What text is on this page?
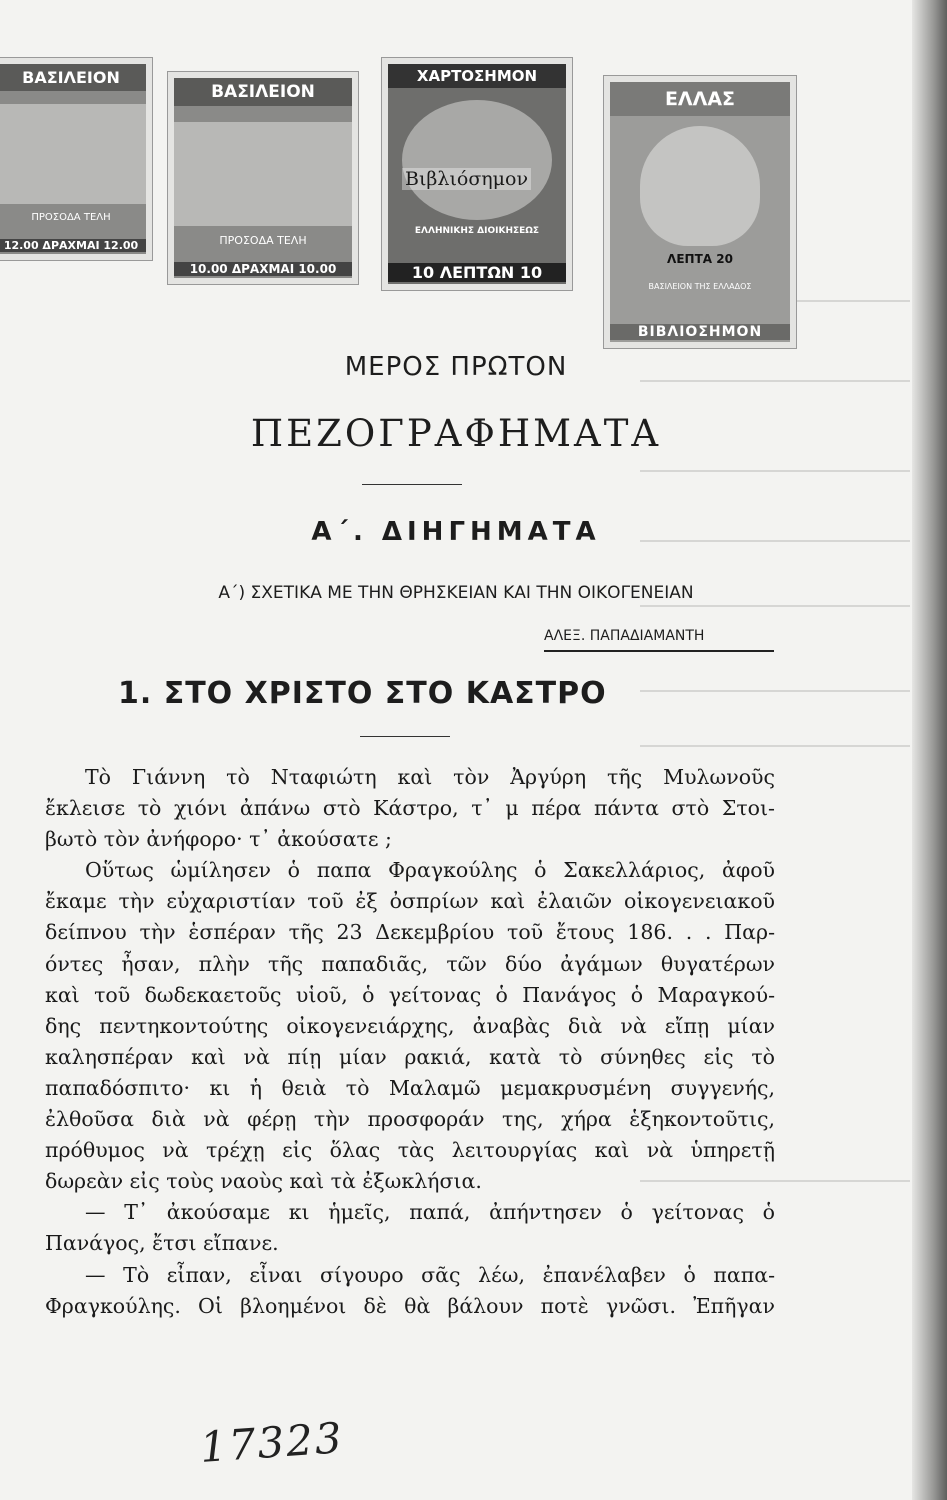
ΒΑΣΙΛΕΙΟΝ
ΠΡΟΣΟΔΑ ΤΕΛΗ
12.00 ΔΡΑΧΜΑΙ 12.00
ΒΑΣΙΛΕΙΟΝ
ΠΡΟΣΟΔΑ ΤΕΛΗ
10.00 ΔΡΑΧΜΑΙ 10.00
ΧΑΡΤΟΣΗΜΟΝ
ΕΛΛΗΝΙΚΗΣ ΔΙΟΙΚΗΣΕΩΣ
10 ΛΕΠΤΩΝ 10
Βιβλιόσημον
ΕΛΛΑΣ
ΛΕΠΤΑ 20
ΒΑΣΙΛΕΙΟΝ ΤΗΣ ΕΛΛΑΔΟΣ
ΒΙΒΛΙΟΣΗΜΟΝ
ΜΕΡΟΣ ΠΡΩΤΟΝ
ΠΕΖΟΓΡΑΦΗΜΑΤΑ
Α΄. ΔΙΗΓΗΜΑΤΑ
Α΄) ΣΧΕΤΙΚΑ ΜΕ ΤΗΝ ΘΡΗΣΚΕΙΑΝ ΚΑΙ ΤΗΝ ΟΙΚΟΓΕΝΕΙΑΝ
ΑΛΕΞ. ΠΑΠΑΔΙΑΜΑΝΤΗ
1. ΣΤΟ ΧΡΙΣΤΟ ΣΤΟ ΚΑΣΤΡΟ

Τὸ Γιάννη τὸ Νταφιώτη καὶ τὸν Ἀργύρη τῆς Μυλωνοῦς

ἔκλεισε τὸ χιόνι ἀπάνω στὸ Κάστρο, τ᾽ μ πέρα πάντα στὸ Στοι-

βωτὸ τὸν ἀνήφορο· τ᾽ ἀκούσατε ;

Οὕτως ὡμίλησεν ὁ παπα Φραγκούλης ὁ Σακελλάριος, ἀφοῦ

ἔκαμε τὴν εὐχαριστίαν τοῦ ἐξ ὀσπρίων καὶ ἐλαιῶν οἰκογενειακοῦ

δείπνου τὴν ἑσπέραν τῆς 23 Δεκεμβρίου τοῦ ἔτους 186. . . Παρ-

όντες ἦσαν, πλὴν τῆς παπαδιᾶς, τῶν δύο ἀγάμων θυγατέρων

καὶ τοῦ δωδεκαετοῦς υἱοῦ, ὁ γείτονας ὁ Πανάγος ὁ Μαραγκού-

δης πεντηκοντούτης οἰκογενειάρχης, ἀναβὰς διὰ νὰ εἴπῃ μίαν

καλησπέραν καὶ νὰ πίῃ μίαν ρακιά, κατὰ τὸ σύνηθες εἰς τὸ

παπαδόσπιτο· κι ἡ θειὰ τὸ Μαλαμῶ μεμακρυσμένη συγγενής,

ἐλθοῦσα διὰ νὰ φέρῃ τὴν προσφοράν της, χήρα ἑξηκοντοῦτις,

πρόθυμος νὰ τρέχῃ εἰς ὅλας τὰς λειτουργίας καὶ νὰ ὑπηρετῇ

δωρεὰν εἰς τοὺς ναοὺς καὶ τὰ ἐξωκλήσια.

— Τ᾽ ἀκούσαμε κι ἡμεῖς, παπά, ἀπήντησεν ὁ γείτονας ὁ

Πανάγος, ἔτσι εἴπανε.

— Τὸ εἶπαν, εἶναι σίγουρο σᾶς λέω, ἐπανέλαβεν ὁ παπα-

Φραγκούλης. Οἱ βλοημένοι δὲ θὰ βάλουν ποτὲ γνῶσι. Ἐπῆγαν

17323
